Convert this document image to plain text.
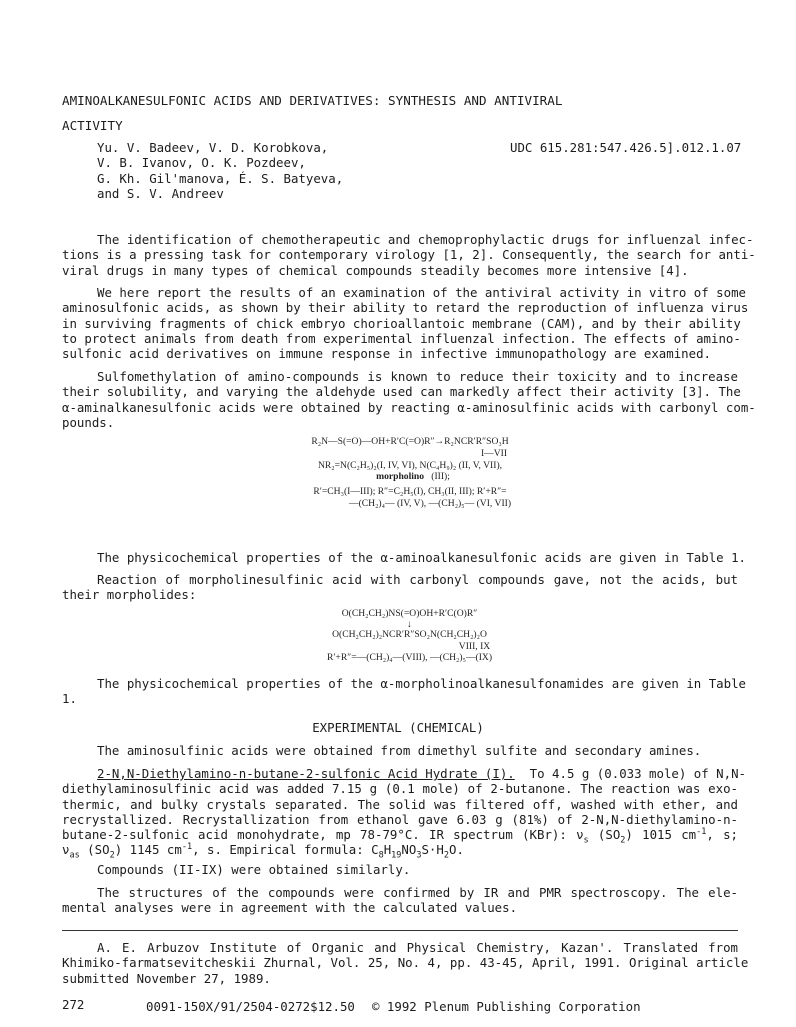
AMINOALKANESULFONIC ACIDS AND DERIVATIVES: SYNTHESIS AND ANTIVIRAL
ACTIVITY
Yu. V. Badeev, V. D. Korobkova,
V. B. Ivanov, O. K. Pozdeev,
G. Kh. Gil'manova, É. S. Batyeva,
and S. V. Andreev
UDC 615.281:547.426.5].012.1.07
The identification of chemotherapeutic and chemoprophylactic drugs for influenzal infec-
tions is a pressing task for contemporary virology [1, 2]. Consequently, the search for anti-
viral drugs in many types of chemical compounds steadily becomes more intensive [4].
We here report the results of an examination of the antiviral activity in vitro of some
aminosulfonic acids, as shown by their ability to retard the reproduction of influenza virus
in surviving fragments of chick embryo chorioallantoic membrane (CAM), and by their ability
to protect animals from death from experimental influenzal infection. The effects of amino-
sulfonic acid derivatives on immune response in infective immunopathology are examined.
Sulfomethylation of amino-compounds is known to reduce their toxicity and to increase
their solubility, and varying the aldehyde used can markedly affect their activity [3]. The
α-aminalkanesulfonic acids were obtained by reacting α-aminosulfinic acids with carbonyl com-
pounds.
R₂N—S(=O)—OH+R′C(=O)R″→R₂NCR′R″SO₃H
I—VII
NR₂=N(C₂H₅)₂(I, IV, VI), N(C₄H₉)₂ (II, V, VII),
morpholino (III);
R′=CH₃(I—III); R″=C₂H₅(I), CH₃(II, III); R′+R″=
—(CH₂)₄— (IV, V), —(CH₂)₅— (VI, VII)
The physicochemical properties of the α-aminoalkanesulfonic acids are given in Table 1.
Reaction of morpholinesulfinic acid with carbonyl compounds gave, not the acids, but
their morpholides:
O(CH₂CH₂)NS(=O)OH+R′C(O)R″
↓
O(CH₂CH₂)₂NCR′R″SO₂N(CH₂CH₂)₂O
VIII, IX
R′+R″=—(CH₂)₄—(VIII), —(CH₂)₅—(IX)
The physicochemical properties of the α-morpholinoalkanesulfonamides are given in Table
1.
EXPERIMENTAL (CHEMICAL)
The aminosulfinic acids were obtained from dimethyl sulfite and secondary amines.
2-N,N-Diethylamino-n-butane-2-sulfonic Acid Hydrate (I). To 4.5 g (0.033 mole) of N,N-
diethylaminosulfinic acid was added 7.15 g (0.1 mole) of 2-butanone. The reaction was exo-
thermic, and bulky crystals separated. The solid was filtered off, washed with ether, and
recrystallized. Recrystallization from ethanol gave 6.03 g (81%) of 2-N,N-diethylamino-n-
butane-2-sulfonic acid monohydrate, mp 78-79°C. IR spectrum (KBr): $\nu_s$ $(SO_2)$ 1015 $cm^{-1}$, s;
$\nu_{as}$ $(SO_2)$ 1145 $cm^{-1}$, s. Empirical formula: $C_8H_{19}NO_3S\cdot H_2O$.
Compounds (II-IX) were obtained similarly.
The structures of the compounds were confirmed by IR and PMR spectroscopy. The ele-
mental analyses were in agreement with the calculated values.
A. E. Arbuzov Institute of Organic and Physical Chemistry, Kazan'. Translated from
Khimiko-farmatsevitcheskii Zhurnal, Vol. 25, No. 4, pp. 43-45, April, 1991. Original article
submitted November 27, 1989.
272	0091-150X/91/2504-0272$12.50 © 1992 Plenum Publishing Corporation
